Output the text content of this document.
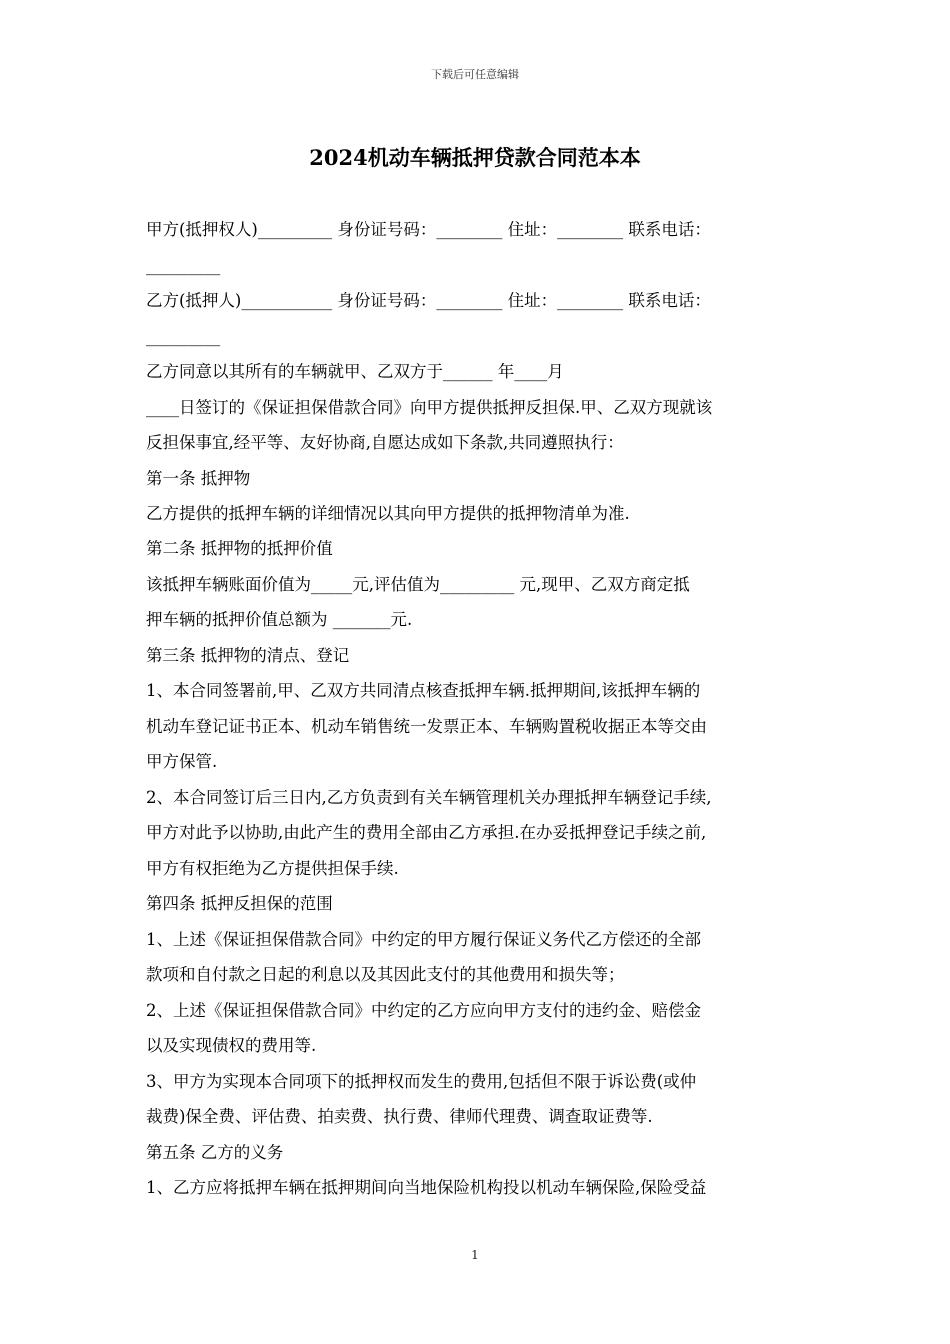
下载后可任意编辑
2024机动车辆抵押贷款合同范本本
甲方(抵押权人)_________ 身份证号码：________ 住址：________ 联系电话：
_________
乙方(抵押人)___________ 身份证号码：________ 住址：________ 联系电话：
_________
乙方同意以其所有的车辆就甲、乙双方于______ 年____月
____日签订的《保证担保借款合同》向甲方提供抵押反担保.甲、乙双方现就该
反担保事宜,经平等、友好协商,自愿达成如下条款,共同遵照执行：
第一条 抵押物
乙方提供的抵押车辆的详细情况以其向甲方提供的抵押物清单为准.
第二条 抵押物的抵押价值
该抵押车辆账面价值为_____元,评估值为_________ 元,现甲、乙双方商定抵
押车辆的抵押价值总额为 _______元.
第三条 抵押物的清点、登记
1、本合同签署前,甲、乙双方共同清点核查抵押车辆.抵押期间,该抵押车辆的
机动车登记证书正本、机动车销售统一发票正本、车辆购置税收据正本等交由
甲方保管.
2、本合同签订后三日内,乙方负责到有关车辆管理机关办理抵押车辆登记手续,
甲方对此予以协助,由此产生的费用全部由乙方承担.在办妥抵押登记手续之前,
甲方有权拒绝为乙方提供担保手续.
第四条 抵押反担保的范围
1、上述《保证担保借款合同》中约定的甲方履行保证义务代乙方偿还的全部
款项和自付款之日起的利息以及其因此支付的其他费用和损失等；
2、上述《保证担保借款合同》中约定的乙方应向甲方支付的违约金、赔偿金
以及实现债权的费用等.
3、甲方为实现本合同项下的抵押权而发生的费用,包括但不限于诉讼费(或仲
裁费)保全费、评估费、拍卖费、执行费、律师代理费、调查取证费等.
第五条 乙方的义务
1、乙方应将抵押车辆在抵押期间向当地保险机构投以机动车辆保险,保险受益
1
